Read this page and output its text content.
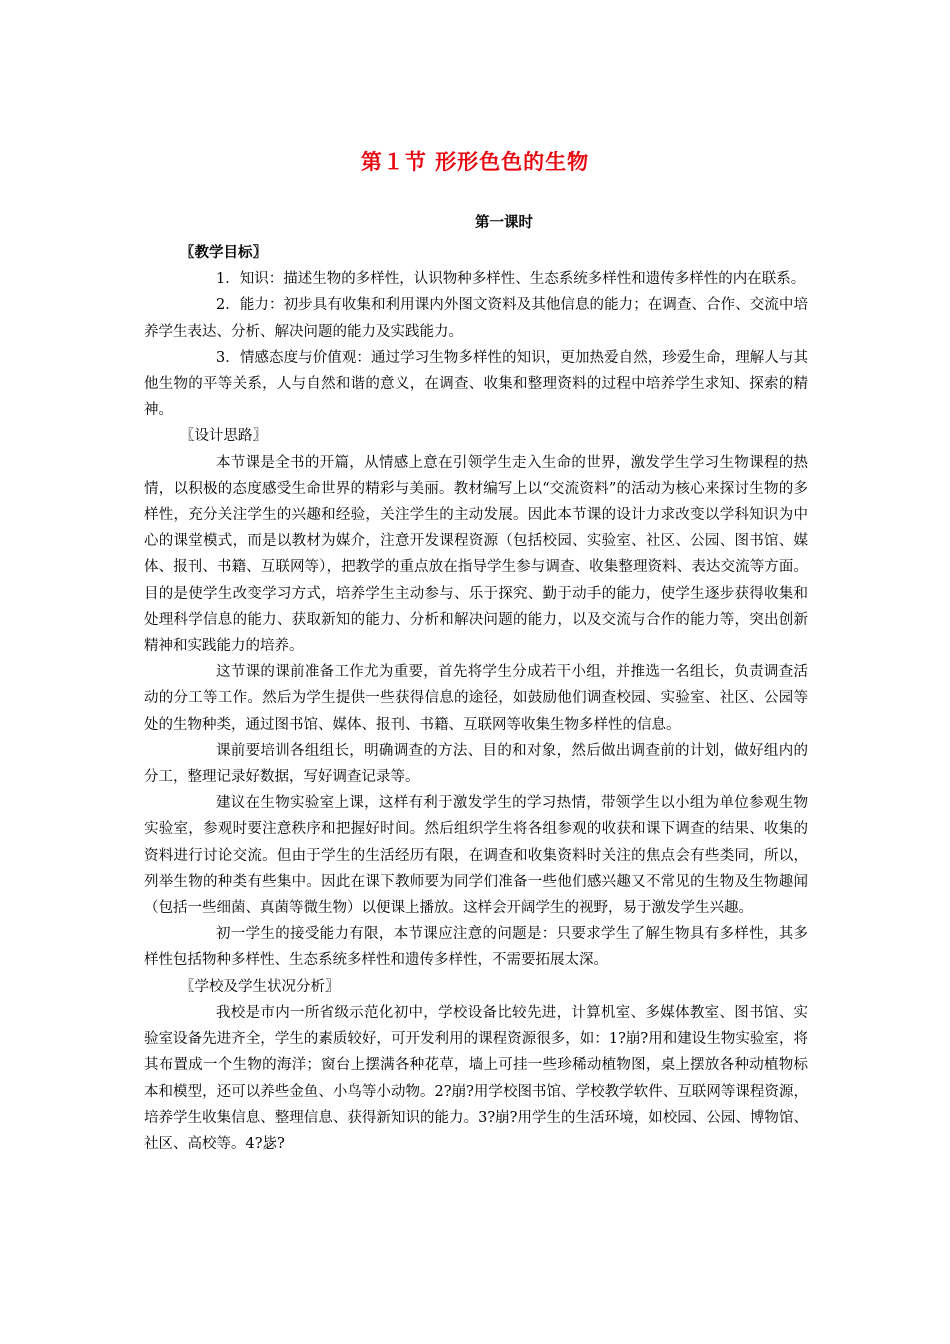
第１节 形形色色的生物
第一课时

〖教学目标〗

1．知识：描述生物的多样性，认识物种多样性、生态系统多样性和遗传多样性的内在联系。

2．能力：初步具有收集和利用课内外图文资料及其他信息的能力；在调查、合作、交流中培养学生表达、分析、解决问题的能力及实践能力。

3．情感态度与价值观：通过学习生物多样性的知识，更加热爱自然，珍爱生命，理解人与其他生物的平等关系，人与自然和谐的意义，在调查、收集和整理资料的过程中培养学生求知、探索的精神。

〖设计思路〗

本节课是全书的开篇，从情感上意在引领学生走入生命的世界，激发学生学习生物课程的热情，以积极的态度感受生命世界的精彩与美丽。教材编写上以“交流资料”的活动为核心来探讨生物的多样性，充分关注学生的兴趣和经验，关注学生的主动发展。因此本节课的设计力求改变以学科知识为中心的课堂模式，而是以教材为媒介，注意开发课程资源（包括校园、实验室、社区、公园、图书馆、媒体、报刊、书籍、互联网等），把教学的重点放在指导学生参与调查、收集整理资料、表达交流等方面。目的是使学生改变学习方式，培养学生主动参与、乐于探究、勤于动手的能力，使学生逐步获得收集和处理科学信息的能力、获取新知的能力、分析和解决问题的能力，以及交流与合作的能力等，突出创新精神和实践能力的培养。

这节课的课前准备工作尤为重要，首先将学生分成若干小组，并推选一名组长，负责调查活动的分工等工作。然后为学生提供一些获得信息的途径，如鼓励他们调查校园、实验室、社区、公园等处的生物种类，通过图书馆、媒体、报刊、书籍、互联网等收集生物多样性的信息。

课前要培训各组组长，明确调查的方法、目的和对象，然后做出调查前的计划，做好组内的分工，整理记录好数据，写好调查记录等。

建议在生物实验室上课，这样有利于激发学生的学习热情，带领学生以小组为单位参观生物实验室，参观时要注意秩序和把握好时间。然后组织学生将各组参观的收获和课下调查的结果、收集的资料进行讨论交流。但由于学生的生活经历有限，在调查和收集资料时关注的焦点会有些类同，所以，列举生物的种类有些集中。因此在课下教师要为同学们准备一些他们感兴趣又不常见的生物及生物趣闻（包括一些细菌、真菌等微生物）以便课上播放。这样会开阔学生的视野，易于激发学生兴趣。

初一学生的接受能力有限，本节课应注意的问题是：只要求学生了解生物具有多样性，其多样性包括物种多样性、生态系统多样性和遗传多样性，不需要拓展太深。

〖学校及学生状况分析〗

我校是市内一所省级示范化初中，学校设备比较先进，计算机室、多媒体教室、图书馆、实验室设备先进齐全，学生的素质较好，可开发利用的课程资源很多，如：1?崩?用和建设生物实验室，将其布置成一个生物的海洋；窗台上摆满各种花草，墙上可挂一些珍稀动植物图，桌上摆放各种动植物标本和模型，还可以养些金鱼、小鸟等小动物。2?崩?用学校图书馆、学校教学软件、互联网等课程资源，培养学生收集信息、整理信息、获得新知识的能力。3?崩?用学生的生活环境，如校园、公园、博物馆、社区、高校等。4?毖?
